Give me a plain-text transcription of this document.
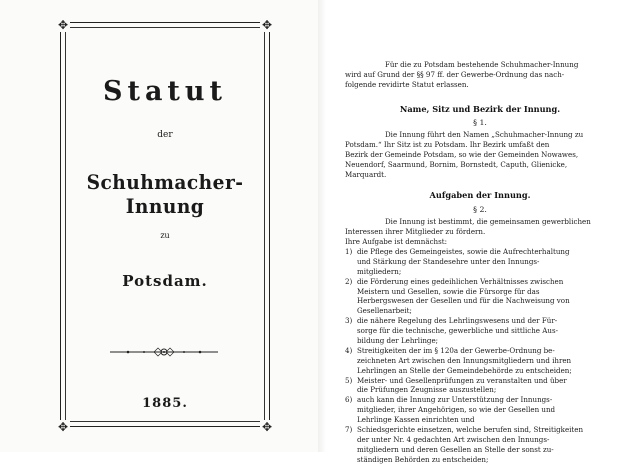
✥	✥
✥	✥
Statut
der
Schuhmacher-Innung
zu
Potsdam.
1885.
Für die zu Potsdam bestehende Schuhmacher-Innung
wird auf Grund der §§ 97 ff. der Gewerbe-Ordnung das nach-
folgende revidirte Statut erlassen.
Name, Sitz und Bezirk der Innung.
§ 1.
Die Innung führt den Namen „Schuhmacher-Innung zu
Potsdam.“ Ihr Sitz ist zu Potsdam. Ihr Bezirk umfaßt den
Bezirk der Gemeinde Potsdam, so wie der Gemeinden Nowawes,
Neuendorf, Saarmund, Bornim, Bornstedt, Caputh, Glienicke,
Marquardt.
Aufgaben der Innung.
§ 2.
Die Innung ist bestimmt, die gemeinsamen gewerblichen
Interessen ihrer Mitglieder zu fördern.
Ihre Aufgabe ist demnächst:
1) die Pflege des Gemeingeistes, sowie die Aufrechterhaltung
und Stärkung der Standesehre unter den Innungs-
mitgliedern;
2) die Förderung eines gedeihlichen Verhältnisses zwischen
Meistern und Gesellen, sowie die Fürsorge für das
Herbergswesen der Gesellen und für die Nachweisung von
Gesellenarbeit;
3) die nähere Regelung des Lehrlingswesens und der Für-
sorge für die technische, gewerbliche und sittliche Aus-
bildung der Lehrlinge;
4) Streitigkeiten der im § 120a der Gewerbe-Ordnung be-
zeichneten Art zwischen den Innungsmitgliedern und ihren
Lehrlingen an Stelle der Gemeindebehörde zu entscheiden;
5) Meister- und Gesellenprüfungen zu veranstalten und über
die Prüfungen Zeugnisse auszustellen;
6) auch kann die Innung zur Unterstützung der Innungs-
mitglieder, ihrer Angehörigen, so wie der Gesellen und
Lehrlinge Kassen einrichten und
7) Schiedsgerichte einsetzen, welche berufen sind, Streitigkeiten
der unter Nr. 4 gedachten Art zwischen den Innungs-
mitgliedern und deren Gesellen an Stelle der sonst zu-
ständigen Behörden zu entscheiden;
